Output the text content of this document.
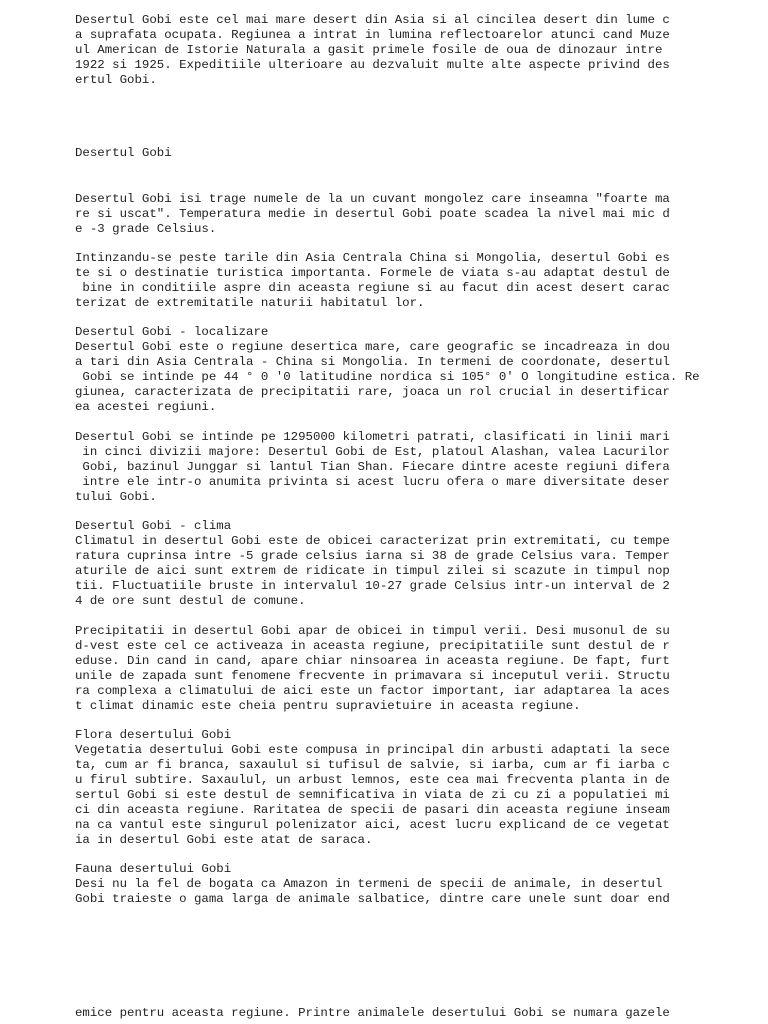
Desertul Gobi este cel mai mare desert din Asia si al cincilea desert din lume c
a suprafata ocupata. Regiunea a intrat in lumina reflectoarelor atunci cand Muze
ul American de Istorie Naturala a gasit primele fosile de oua de dinozaur intre
1922 si 1925. Expeditiile ulterioare au dezvaluit multe alte aspecte privind des
ertul Gobi.

Desertul Gobi

Desertul Gobi isi trage numele de la un cuvant mongolez care inseamna "foarte ma
re si uscat". Temperatura medie in desertul Gobi poate scadea la nivel mai mic d
e -3 grade Celsius.

Intinzandu-se peste tarile din Asia Centrala China si Mongolia, desertul Gobi es
te si o destinatie turistica importanta. Formele de viata s-au adaptat destul de
bine in conditiile aspre din aceasta regiune si au facut din acest desert carac
terizat de extremitatile naturii habitatul lor.

Desertul Gobi - localizare
Desertul Gobi este o regiune desertica mare, care geografic se incadreaza in dou
a tari din Asia Centrala - China si Mongolia. In termeni de coordonate, desertul
Gobi se intinde pe 44 ° 0 '0 latitudine nordica si 105° 0' O longitudine estica. Re
giunea, caracterizata de precipitatii rare, joaca un rol crucial in desertificar
ea acestei regiuni.

Desertul Gobi se intinde pe 1295000 kilometri patrati, clasificati in linii mari
in cinci divizii majore: Desertul Gobi de Est, platoul Alashan, valea Lacurilor
Gobi, bazinul Junggar si lantul Tian Shan. Fiecare dintre aceste regiuni difera
intre ele intr-o anumita privinta si acest lucru ofera o mare diversitate deser
tului Gobi.

Desertul Gobi - clima
Climatul in desertul Gobi este de obicei caracterizat prin extremitati, cu tempe
ratura cuprinsa intre -5 grade celsius iarna si 38 de grade Celsius vara. Temper
aturile de aici sunt extrem de ridicate in timpul zilei si scazute in timpul nop
tii. Fluctuatiile bruste in intervalul 10-27 grade Celsius intr-un interval de 2
4 de ore sunt destul de comune.

Precipitatii in desertul Gobi apar de obicei in timpul verii. Desi musonul de su
d-vest este cel ce activeaza in aceasta regiune, precipitatiile sunt destul de r
eduse. Din cand in cand, apare chiar ninsoarea in aceasta regiune. De fapt, furt
unile de zapada sunt fenomene frecvente in primavara si inceputul verii. Structu
ra complexa a climatului de aici este un factor important, iar adaptarea la aces
t climat dinamic este cheia pentru supravietuire in aceasta regiune.

Flora desertului Gobi
Vegetatia desertului Gobi este compusa in principal din arbusti adaptati la sece
ta, cum ar fi branca, saxaulul si tufisul de salvie, si iarba, cum ar fi iarba c
u firul subtire. Saxaulul, un arbust lemnos, este cea mai frecventa planta in de
sertul Gobi si este destul de semnificativa in viata de zi cu zi a populatiei mi
ci din aceasta regiune. Raritatea de specii de pasari din aceasta regiune inseam
na ca vantul este singurul polenizator aici, acest lucru explicand de ce vegetat
ia in desertul Gobi este atat de saraca.

Fauna desertului Gobi
Desi nu la fel de bogata ca Amazon in termeni de specii de animale, in desertul
Gobi traieste o gama larga de animale salbatice, dintre care unele sunt doar end

emice pentru aceasta regiune. Printre animalele desertului Gobi se numara gazele
